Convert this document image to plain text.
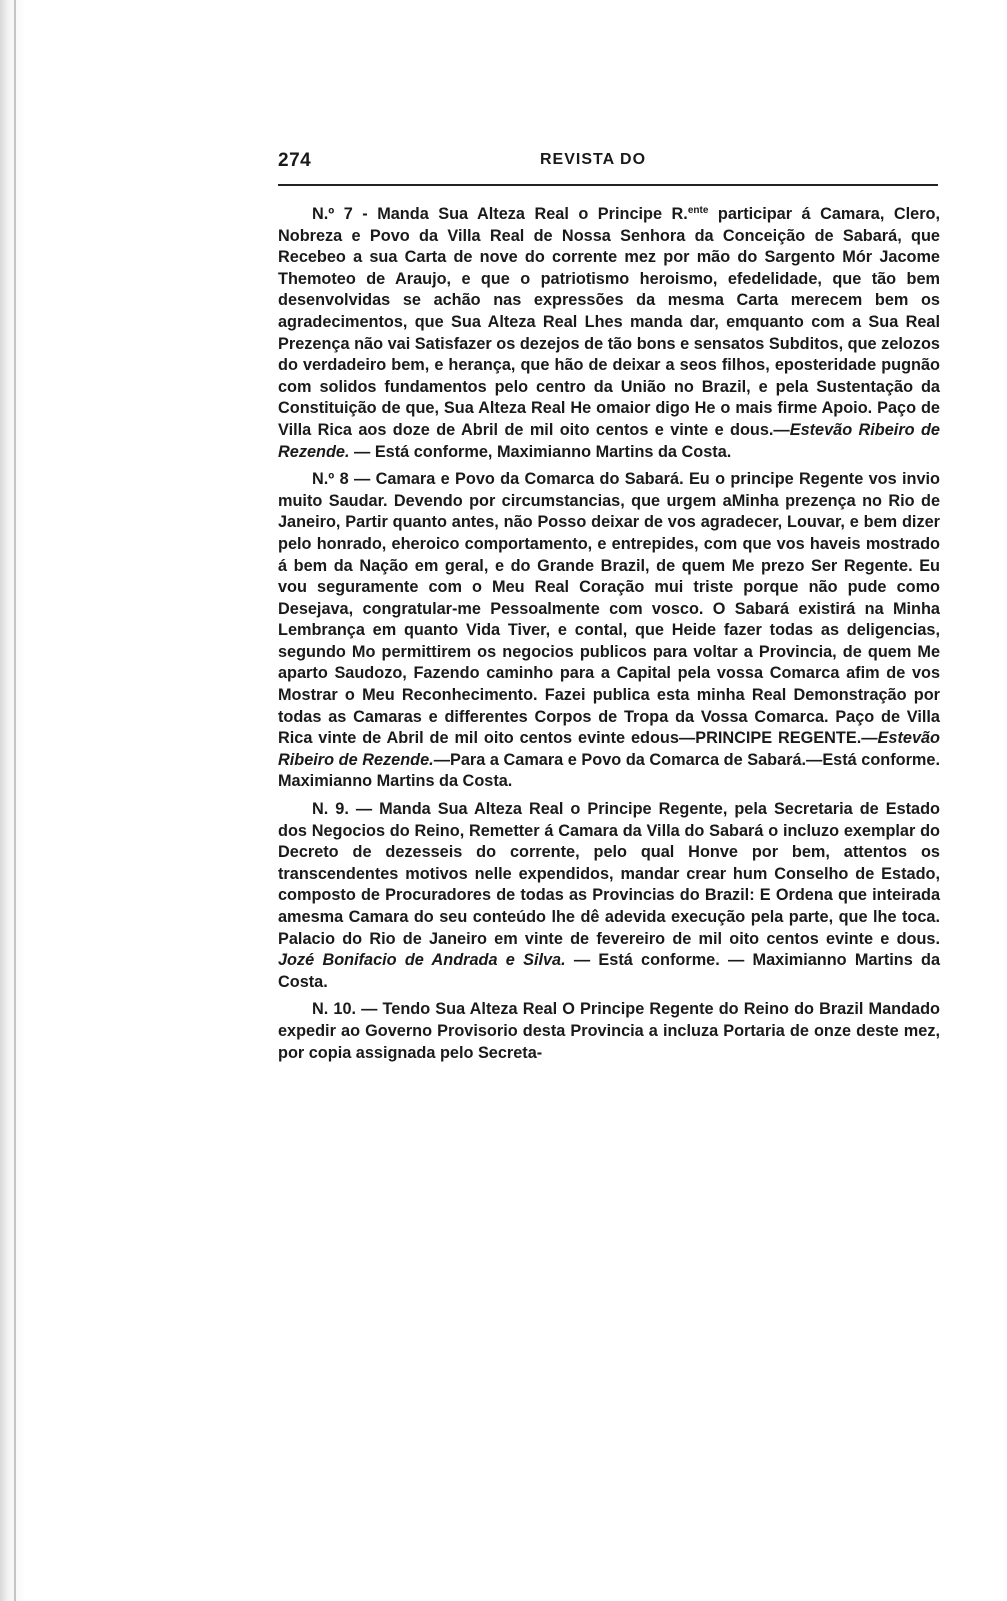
274	REVISTA DO

N.º 7 - Manda Sua Alteza Real o Principe R.$^{ente}$ participar á Camara, Clero, Nobreza e Povo da Villa Real de Nossa Senhora da Conceição de Sabará, que Recebeo a sua Carta de nove do corrente mez por mão do Sargento Mór Jacome Themoteo de Araujo, e que o patriotismo heroismo, efedelidade, que tão bem desenvolvidas se achão nas expressões da mesma Carta merecem bem os agradecimentos, que Sua Alteza Real Lhes manda dar, emquanto com a Sua Real Prezença não vai Satisfazer os dezejos de tão bons e sensatos Subditos, que zelozos do verdadeiro bem, e herança, que hão de deixar a seos filhos, eposteridade pugnão com solidos fundamentos pelo centro da União no Brazil, e pela Sustentação da Constituição de que, Sua Alteza Real He omaior digo He o mais firme Apoio. Paço de Villa Rica aos doze de Abril de mil oito centos e vinte e dous.—Estevão Ribeiro de Rezende. — Está conforme, Maximianno Martins da Costa.

N.º 8 — Camara e Povo da Comarca do Sabará. Eu o principe Regente vos invio muito Saudar. Devendo por circumstancias, que urgem aMinha prezença no Rio de Janeiro, Partir quanto antes, não Posso deixar de vos agradecer, Louvar, e bem dizer pelo honrado, eheroico comportamento, e entrepides, com que vos haveis mostrado á bem da Nação em geral, e do Grande Brazil, de quem Me prezo Ser Regente. Eu vou seguramente com o Meu Real Coração mui triste porque não pude como Desejava, congratular-me Pessoalmente com vosco. O Sabará existirá na Minha Lembrança em quanto Vida Tiver, e contal, que Heide fazer todas as deligencias, segundo Mo permittirem os negocios publicos para voltar a Provincia, de quem Me aparto Saudozo, Fazendo caminho para a Capital pela vossa Comarca afim de vos Mostrar o Meu Reconhecimento. Fazei publica esta minha Real Demonstração por todas as Camaras e differentes Corpos de Tropa da Vossa Comarca. Paço de Villa Rica vinte de Abril de mil oito centos evinte edous—PRINCIPE REGENTE.—Estevão Ribeiro de Rezende.—Para a Camara e Povo da Comarca de Sabará.—Está conforme. Maximianno Martins da Costa.

N. 9. — Manda Sua Alteza Real o Principe Regente, pela Secretaria de Estado dos Negocios do Reino, Remetter á Camara da Villa do Sabará o incluzo exemplar do Decreto de dezesseis do corrente, pelo qual Honve por bem, attentos os transcendentes motivos nelle expendidos, mandar crear hum Conselho de Estado, composto de Procuradores de todas as Provincias do Brazil: E Ordena que inteirada amesma Camara do seu conteúdo lhe dê adevida execução pela parte, que lhe toca. Palacio do Rio de Janeiro em vinte de fevereiro de mil oito centos evinte e dous. Jozé Bonifacio de Andrada e Silva. — Está conforme. — Maximianno Martins da Costa.

N. 10. — Tendo Sua Alteza Real O Principe Regente do Reino do Brazil Mandado expedir ao Governo Provisorio desta Provincia a incluza Portaria de onze deste mez, por copia assignada pelo Secreta-
